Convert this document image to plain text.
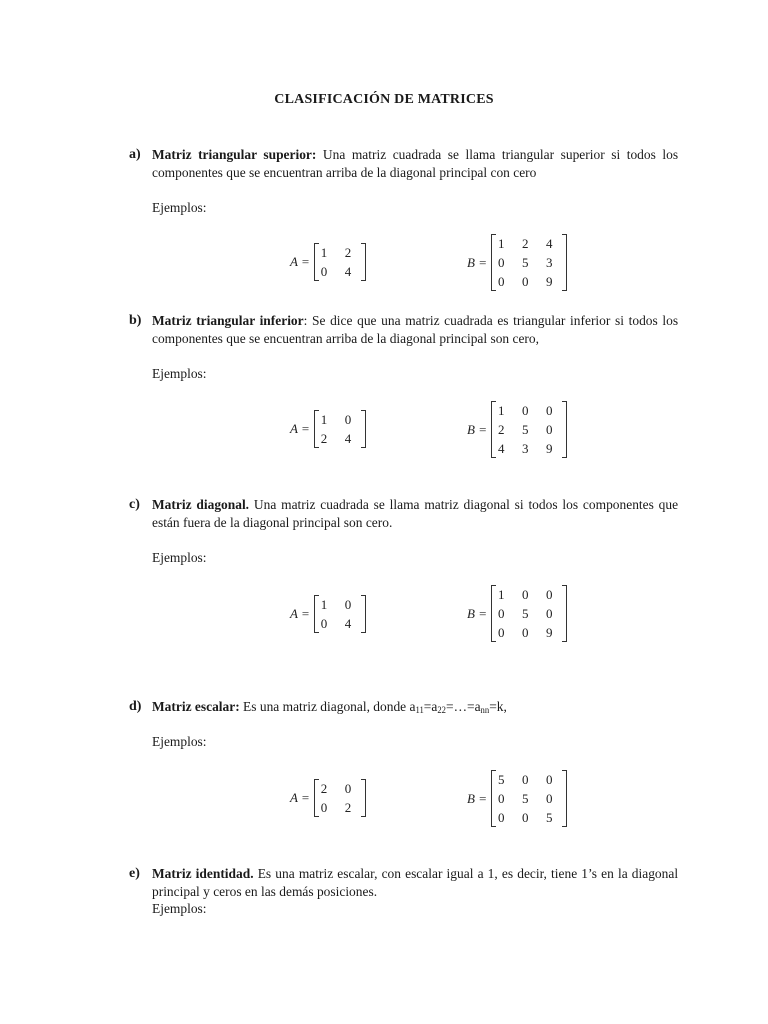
CLASIFICACIÓN DE MATRICES
a) Matriz triangular superior: Una matriz cuadrada se llama triangular superior si todos los componentes que se encuentran arriba de la diagonal principal con cero
Ejemplos:
A =
1	2
0	4
B =
1	2	4
0	5	3
0	0	9
b) Matriz triangular inferior: Se dice que una matriz cuadrada es triangular inferior si todos los componentes que se encuentran arriba de la diagonal principal son cero,
Ejemplos:
A =
1	0
2	4
B =
1	0	0
2	5	0
4	3	9
c) Matriz diagonal. Una matriz cuadrada se llama matriz diagonal si todos los componentes que están fuera de la diagonal principal son cero.
Ejemplos:
A =
1	0
0	4
B =
1	0	0
0	5	0
0	0	9
d) Matriz escalar: Es una matriz diagonal, donde $a_{11}=a_{22}=\dots=a_{nn}=k$,
Ejemplos:
A =
2	0
0	2
B =
5	0	0
0	5	0
0	0	5
e) Matriz identidad. Es una matriz escalar, con escalar igual a 1, es decir, tiene 1’s en la diagonal principal y ceros en las demás posiciones.
Ejemplos:
